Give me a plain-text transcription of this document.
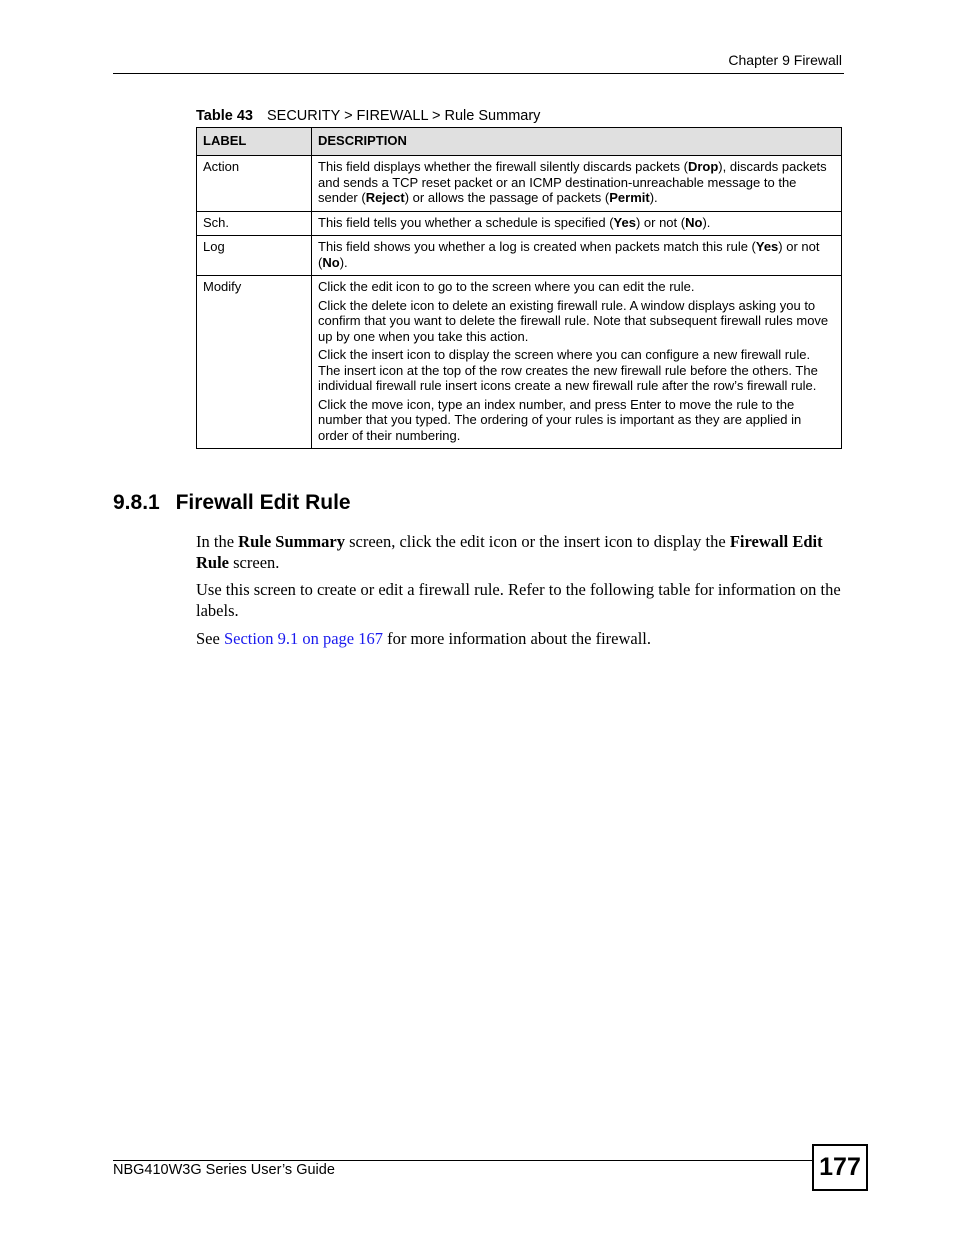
Chapter 9 Firewall
Table 43 SECURITY > FIREWALL > Rule Summary
LABEL	DESCRIPTION
Action	This field displays whether the firewall silently discards packets (Drop), discards packets and sends a TCP reset packet or an ICMP destination-unreachable message to the sender (Reject) or allows the passage of packets (Permit).

Sch.	This field tells you whether a schedule is specified (Yes) or not (No).

Log	This field shows you whether a log is created when packets match this rule (Yes) or not (No).

Modify	Click the edit icon to go to the screen where you can edit the rule.

Click the delete icon to delete an existing firewall rule. A window displays asking you to confirm that you want to delete the firewall rule. Note that subsequent firewall rules move up by one when you take this action.

Click the insert icon to display the screen where you can configure a new firewall rule. The insert icon at the top of the row creates the new firewall rule before the others. The individual firewall rule insert icons create a new firewall rule after the row’s firewall rule.

Click the move icon, type an index number, and press Enter to move the rule to the number that you typed. The ordering of your rules is important as they are applied in order of their numbering.

9.8.1 Firewall Edit Rule

In the Rule Summary screen, click the edit icon or the insert icon to display the Firewall Edit Rule screen.

Use this screen to create or edit a firewall rule. Refer to the following table for information on the labels.

See Section 9.1 on page 167 for more information about the firewall.

NBG410W3G Series User’s Guide	177
